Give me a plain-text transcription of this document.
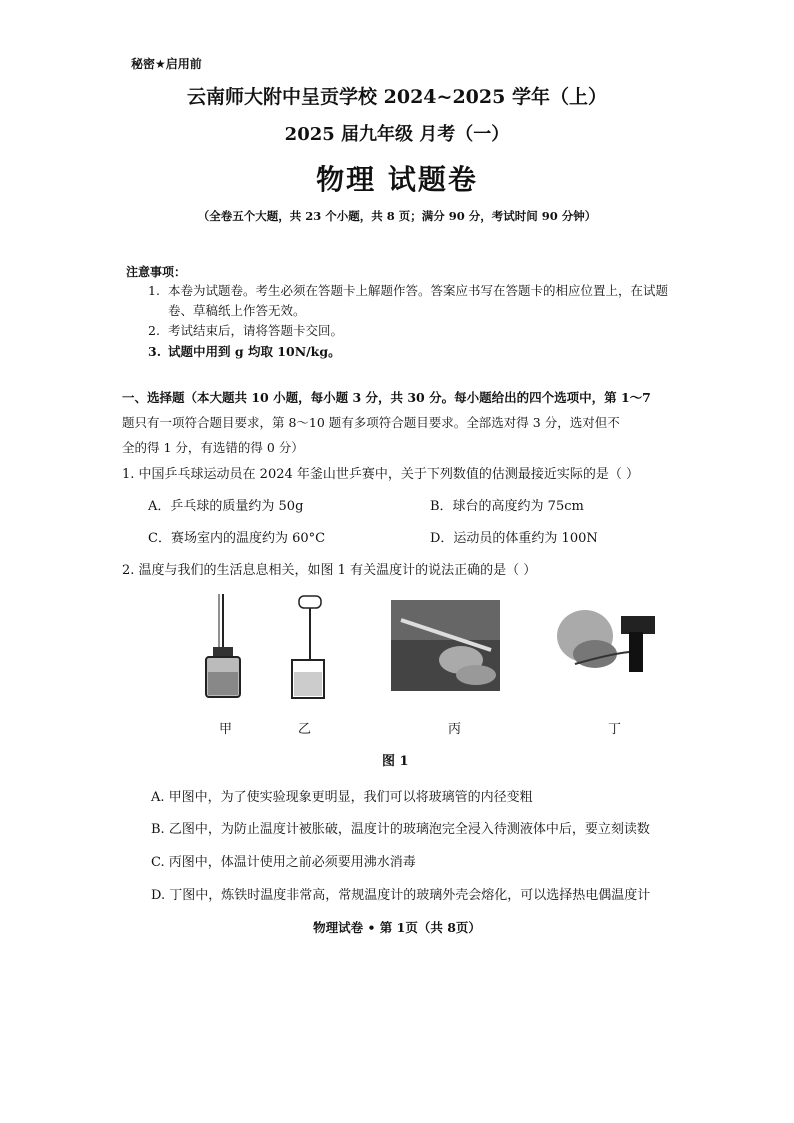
秘密★启用前
云南师大附中呈贡学校 2024~2025 学年（上）
2025 届九年级 月考（一）
物理 试题卷
（全卷五个大题，共 23 个小题，共 8 页；满分 90 分，考试时间 90 分钟）
注意事项：
1. 本卷为试题卷。考生必须在答题卡上解题作答。答案应书写在答题卡的相应位置上，在试题
卷、草稿纸上作答无效。
2. 考试结束后，请将答题卡交回。
3. 试题中用到 g 均取 10N/kg。
一、选择题（本大题共 10 小题，每小题 3 分，共 30 分。每小题给出的四个选项中，第 1～7
题只有一项符合题目要求，第 8～10 题有多项符合题目要求。全部选对得 3 分，选对但不
全的得 1 分，有选错的得 0 分）
1. 中国乒乓球运动员在 2024 年釜山世乒赛中，关于下列数值的估测最接近实际的是（ ）
A．乒乓球的质量约为 50g	B．球台的高度约为 75cm
C．赛场室内的温度约为 60°C	D．运动员的体重约为 100N
2. 温度与我们的生活息息相关，如图 1 有关温度计的说法正确的是（ ）
甲	乙	丙	丁
图 1
A. 甲图中，为了使实验现象更明显，我们可以将玻璃管的内径变粗
B. 乙图中，为防止温度计被胀破，温度计的玻璃泡完全浸入待测液体中后，要立刻读数
C. 丙图中，体温计使用之前必须要用沸水消毒
D. 丁图中，炼铁时温度非常高，常规温度计的玻璃外壳会熔化，可以选择热电偶温度计
物理试卷 • 第 1页（共 8页）
